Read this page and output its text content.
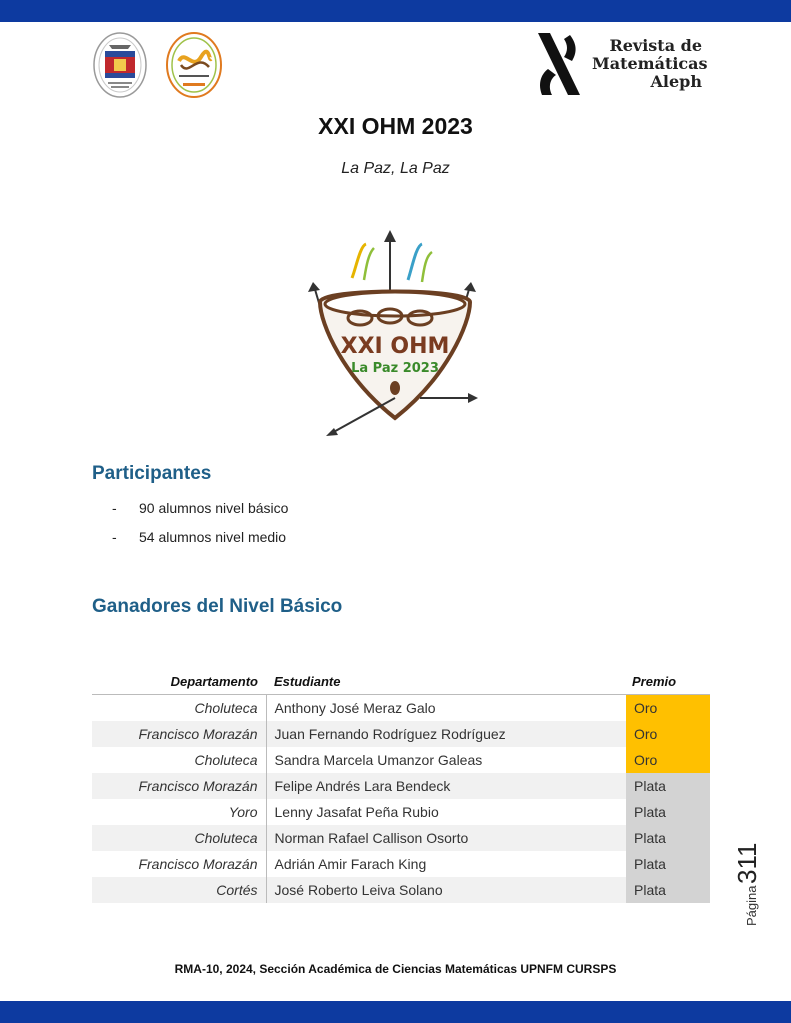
Revista de
Matemáticas
Aleph
XXI OHM 2023
La Paz, La Paz
XXI OHM
La Paz 2023
Participantes
- 90 alumnos nivel básico
- 54 alumnos nivel medio
Ganadores del Nivel Básico
Departamento	Estudiante	Premio
Choluteca	Anthony José Meraz Galo	Oro
Francisco Morazán	Juan Fernando Rodríguez Rodríguez	Oro
Choluteca	Sandra Marcela Umanzor Galeas	Oro
Francisco Morazán	Felipe Andrés Lara Bendeck	Plata
Yoro	Lenny Jasafat Peña Rubio	Plata
Choluteca	Norman Rafael Callison Osorto	Plata
Francisco Morazán	Adrián Amir Farach King	Plata
Cortés	José Roberto Leiva Solano	Plata	Página
311
RMA-10, 2024, Sección Académica de Ciencias Matemáticas UPNFM CURSPS
